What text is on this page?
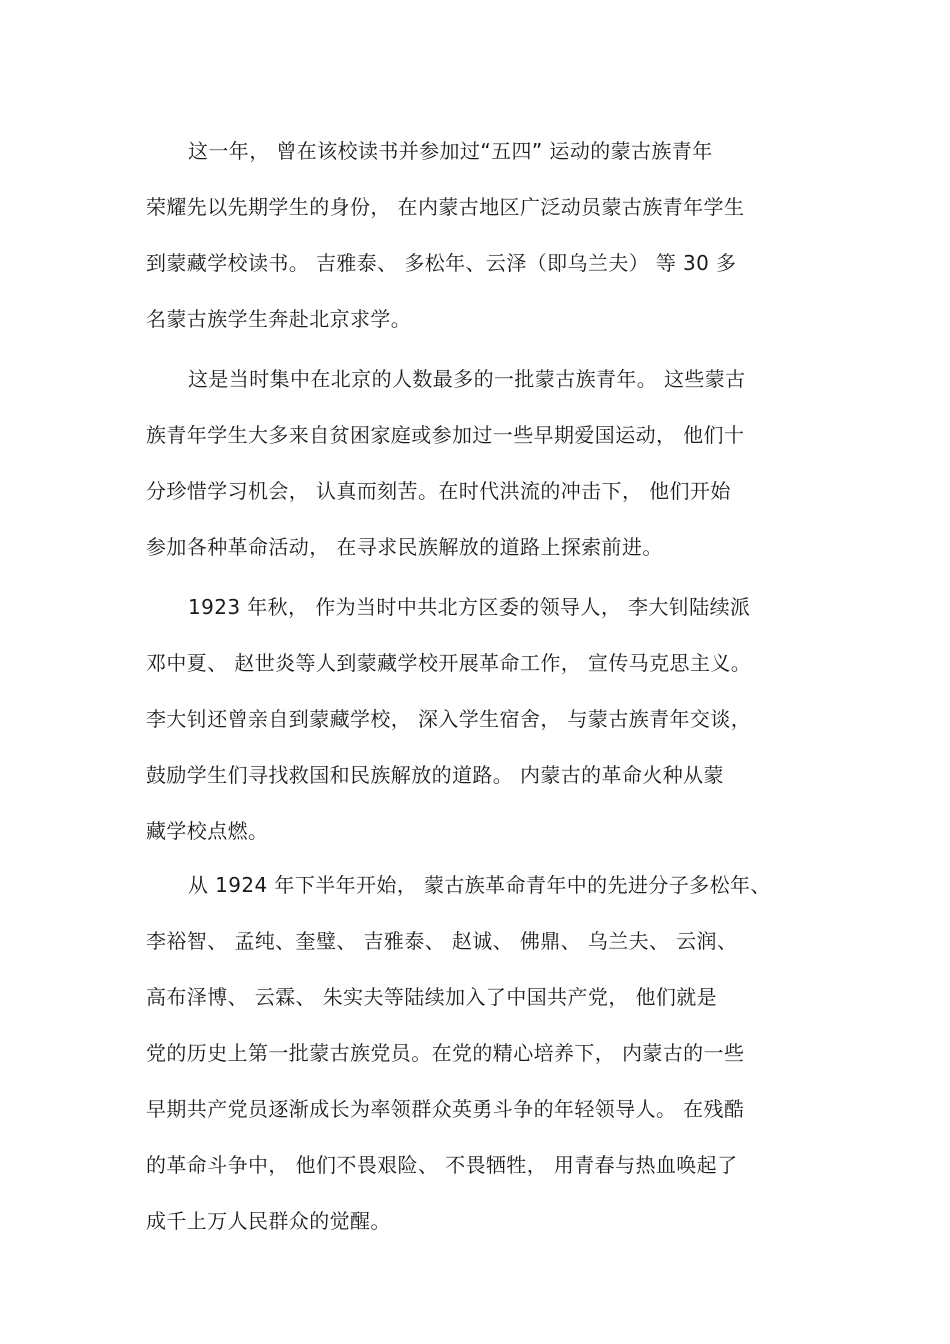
这一年， 曾在该校读书并参加过“五四” 运动的蒙古族青年
荣耀先以先期学生的身份， 在内蒙古地区广泛动员蒙古族青年学生
到蒙藏学校读书。 吉雅泰、 多松年、云泽（即乌兰夫） 等 30 多
名蒙古族学生奔赴北京求学。
这是当时集中在北京的人数最多的一批蒙古族青年。 这些蒙古
族青年学生大多来自贫困家庭或参加过一些早期爱国运动， 他们十
分珍惜学习机会， 认真而刻苦。在时代洪流的冲击下， 他们开始
参加各种革命活动， 在寻求民族解放的道路上探索前进。
1923 年秋， 作为当时中共北方区委的领导人， 李大钊陆续派
邓中夏、 赵世炎等人到蒙藏学校开展革命工作， 宣传马克思主义。
李大钊还曾亲自到蒙藏学校， 深入学生宿舍， 与蒙古族青年交谈，
鼓励学生们寻找救国和民族解放的道路。 内蒙古的革命火种从蒙
藏学校点燃。
从 1924 年下半年开始， 蒙古族革命青年中的先进分子多松年、
李裕智、 孟纯、奎璧、 吉雅泰、 赵诚、 佛鼎、 乌兰夫、 云润、
高布泽博、 云霖、 朱实夫等陆续加入了中国共产党， 他们就是
党的历史上第一批蒙古族党员。在党的精心培养下， 内蒙古的一些
早期共产党员逐渐成长为率领群众英勇斗争的年轻领导人。 在残酷
的革命斗争中， 他们不畏艰险、 不畏牺牲， 用青春与热血唤起了
成千上万人民群众的觉醒。
